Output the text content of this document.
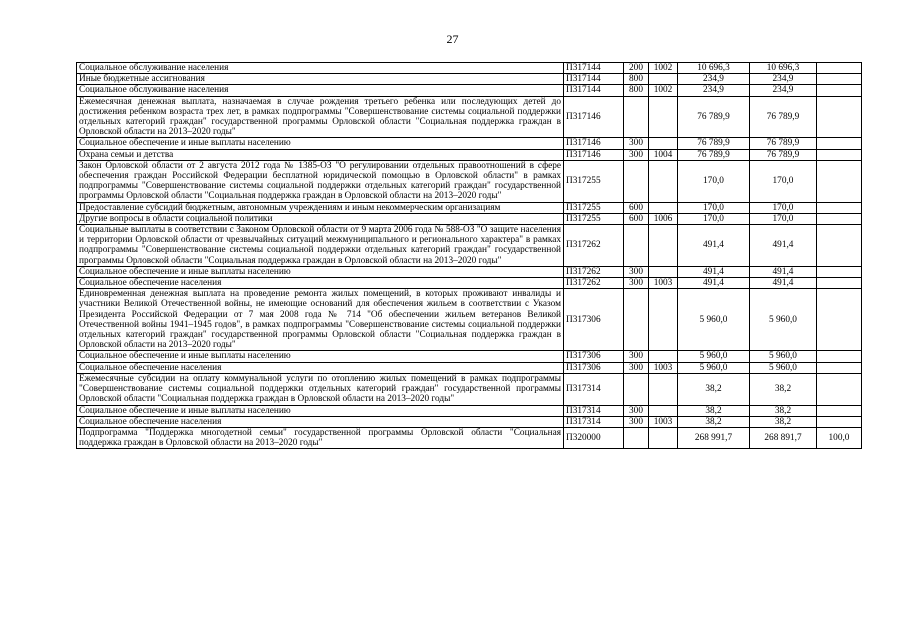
27
Социальное обслуживание населения	П317144	200	1002	10 696,3	10 696,3	
Иные бюджетные ассигнования	П317144	800		234,9	234,9	
Социальное обслуживание населения	П317144	800	1002	234,9	234,9	
Ежемесячная денежная выплата, назначаемая в случае рождения третьего ребенка или последующих детей до достижения ребенком возраста трех лет, в рамках подпрограммы "Совершенствование системы социальной поддержки отдельных категорий граждан" государственной программы Орловской области "Социальная поддержка граждан в Орловской области на 2013–2020 годы"	П317146			76 789,9	76 789,9	
Социальное обеспечение и иные выплаты населению	П317146	300		76 789,9	76 789,9	
Охрана семьи и детства	П317146	300	1004	76 789,9	76 789,9	
Закон Орловской области от 2 августа 2012 года № 1385-ОЗ "О регулировании отдельных правоотношений в сфере обеспечения граждан Российской Федерации бесплатной юридической помощью в Орловской области" в рамках подпрограммы "Совершенствование системы социальной поддержки отдельных категорий граждан" государственной программы Орловской области "Социальная поддержка граждан в Орловской области на 2013–2020 годы"	П317255			170,0	170,0	
Предоставление субсидий бюджетным, автономным учреждениям и иным некоммерческим организациям	П317255	600		170,0	170,0	
Другие вопросы в области социальной политики	П317255	600	1006	170,0	170,0	
Социальные выплаты в соответствии с Законом Орловской области от 9 марта 2006 года № 588-ОЗ "О защите населения и территории Орловской области от чрезвычайных ситуаций межмуниципального и регионального характера" в рамках подпрограммы "Совершенствование системы социальной поддержки отдельных категорий граждан" государственной программы Орловской области "Социальная поддержка граждан в Орловской области на 2013–2020 годы"	П317262			491,4	491,4	
Социальное обеспечение и иные выплаты населению	П317262	300		491,4	491,4	
Социальное обеспечение населения	П317262	300	1003	491,4	491,4	
Единовременная денежная выплата на проведение ремонта жилых помещений, в которых проживают инвалиды и участники Великой Отечественной войны, не имеющие оснований для обеспечения жильем в соответствии с Указом Президента Российской Федерации от 7 мая 2008 года № 714 "Об обеспечении жильем ветеранов Великой Отечественной войны 1941–1945 годов", в рамках подпрограммы "Совершенствование системы социальной поддержки отдельных категорий граждан" государственной программы Орловской области "Социальная поддержка граждан в Орловской области на 2013–2020 годы"	П317306			5 960,0	5 960,0	
Социальное обеспечение и иные выплаты населению	П317306	300		5 960,0	5 960,0	
Социальное обеспечение населения	П317306	300	1003	5 960,0	5 960,0	
Ежемесячные субсидии на оплату коммунальной услуги по отоплению жилых помещений в рамках подпрограммы "Совершенствование системы социальной поддержки отдельных категорий граждан" государственной программы Орловской области "Социальная поддержка граждан в Орловской области на 2013–2020 годы"	П317314			38,2	38,2	
Социальное обеспечение и иные выплаты населению	П317314	300		38,2	38,2	
Социальное обеспечение населения	П317314	300	1003	38,2	38,2	
Подпрограмма "Поддержка многодетной семьи" государственной программы Орловской области "Социальная поддержка граждан в Орловской области на 2013–2020 годы"	П320000			268 991,7	268 891,7	100,0
